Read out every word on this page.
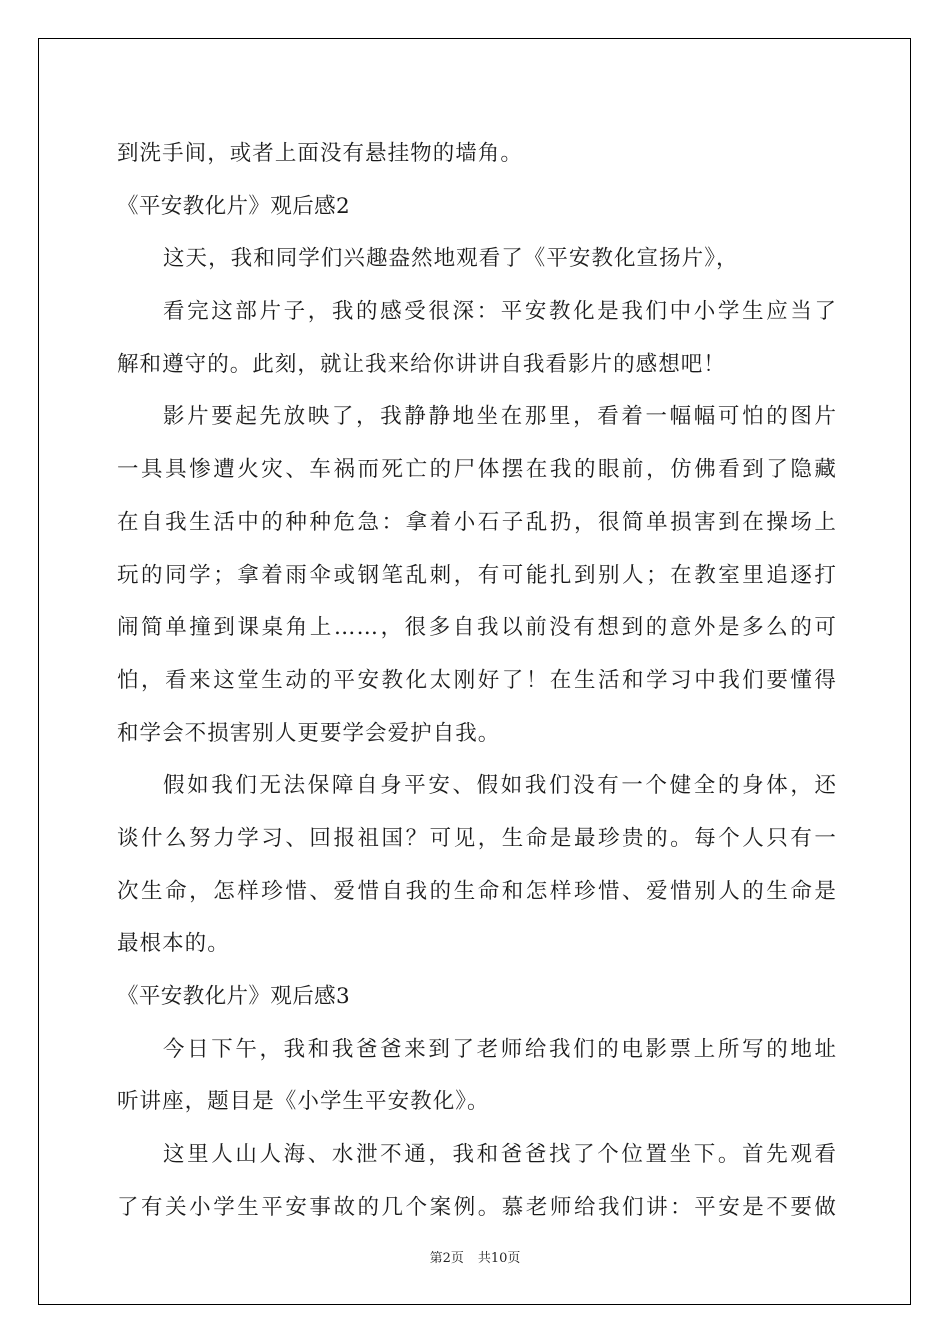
到洗手间，或者上面没有悬挂物的墙角。
《平安教化片》观后感2
这天，我和同学们兴趣盎然地观看了《平安教化宣扬片》，
看完这部片子，我的感受很深：平安教化是我们中小学生应当了
解和遵守的。此刻，就让我来给你讲讲自我看影片的感想吧！
影片要起先放映了，我静静地坐在那里，看着一幅幅可怕的图片
一具具惨遭火灾、车祸而死亡的尸体摆在我的眼前，仿佛看到了隐藏
在自我生活中的种种危急：拿着小石子乱扔，很简单损害到在操场上
玩的同学；拿着雨伞或钢笔乱刺，有可能扎到别人；在教室里追逐打
闹简单撞到课桌角上……，很多自我以前没有想到的意外是多么的可
怕，看来这堂生动的平安教化太刚好了！在生活和学习中我们要懂得
和学会不损害别人更要学会爱护自我。
假如我们无法保障自身平安、假如我们没有一个健全的身体，还
谈什么努力学习、回报祖国？可见，生命是最珍贵的。每个人只有一
次生命，怎样珍惜、爱惜自我的生命和怎样珍惜、爱惜别人的生命是
最根本的。
《平安教化片》观后感3
今日下午，我和我爸爸来到了老师给我们的电影票上所写的地址
听讲座，题目是《小学生平安教化》。
这里人山人海、水泄不通，我和爸爸找了个位置坐下。首先观看
了有关小学生平安事故的几个案例。慕老师给我们讲：平安是不要做
第2页 共10页
